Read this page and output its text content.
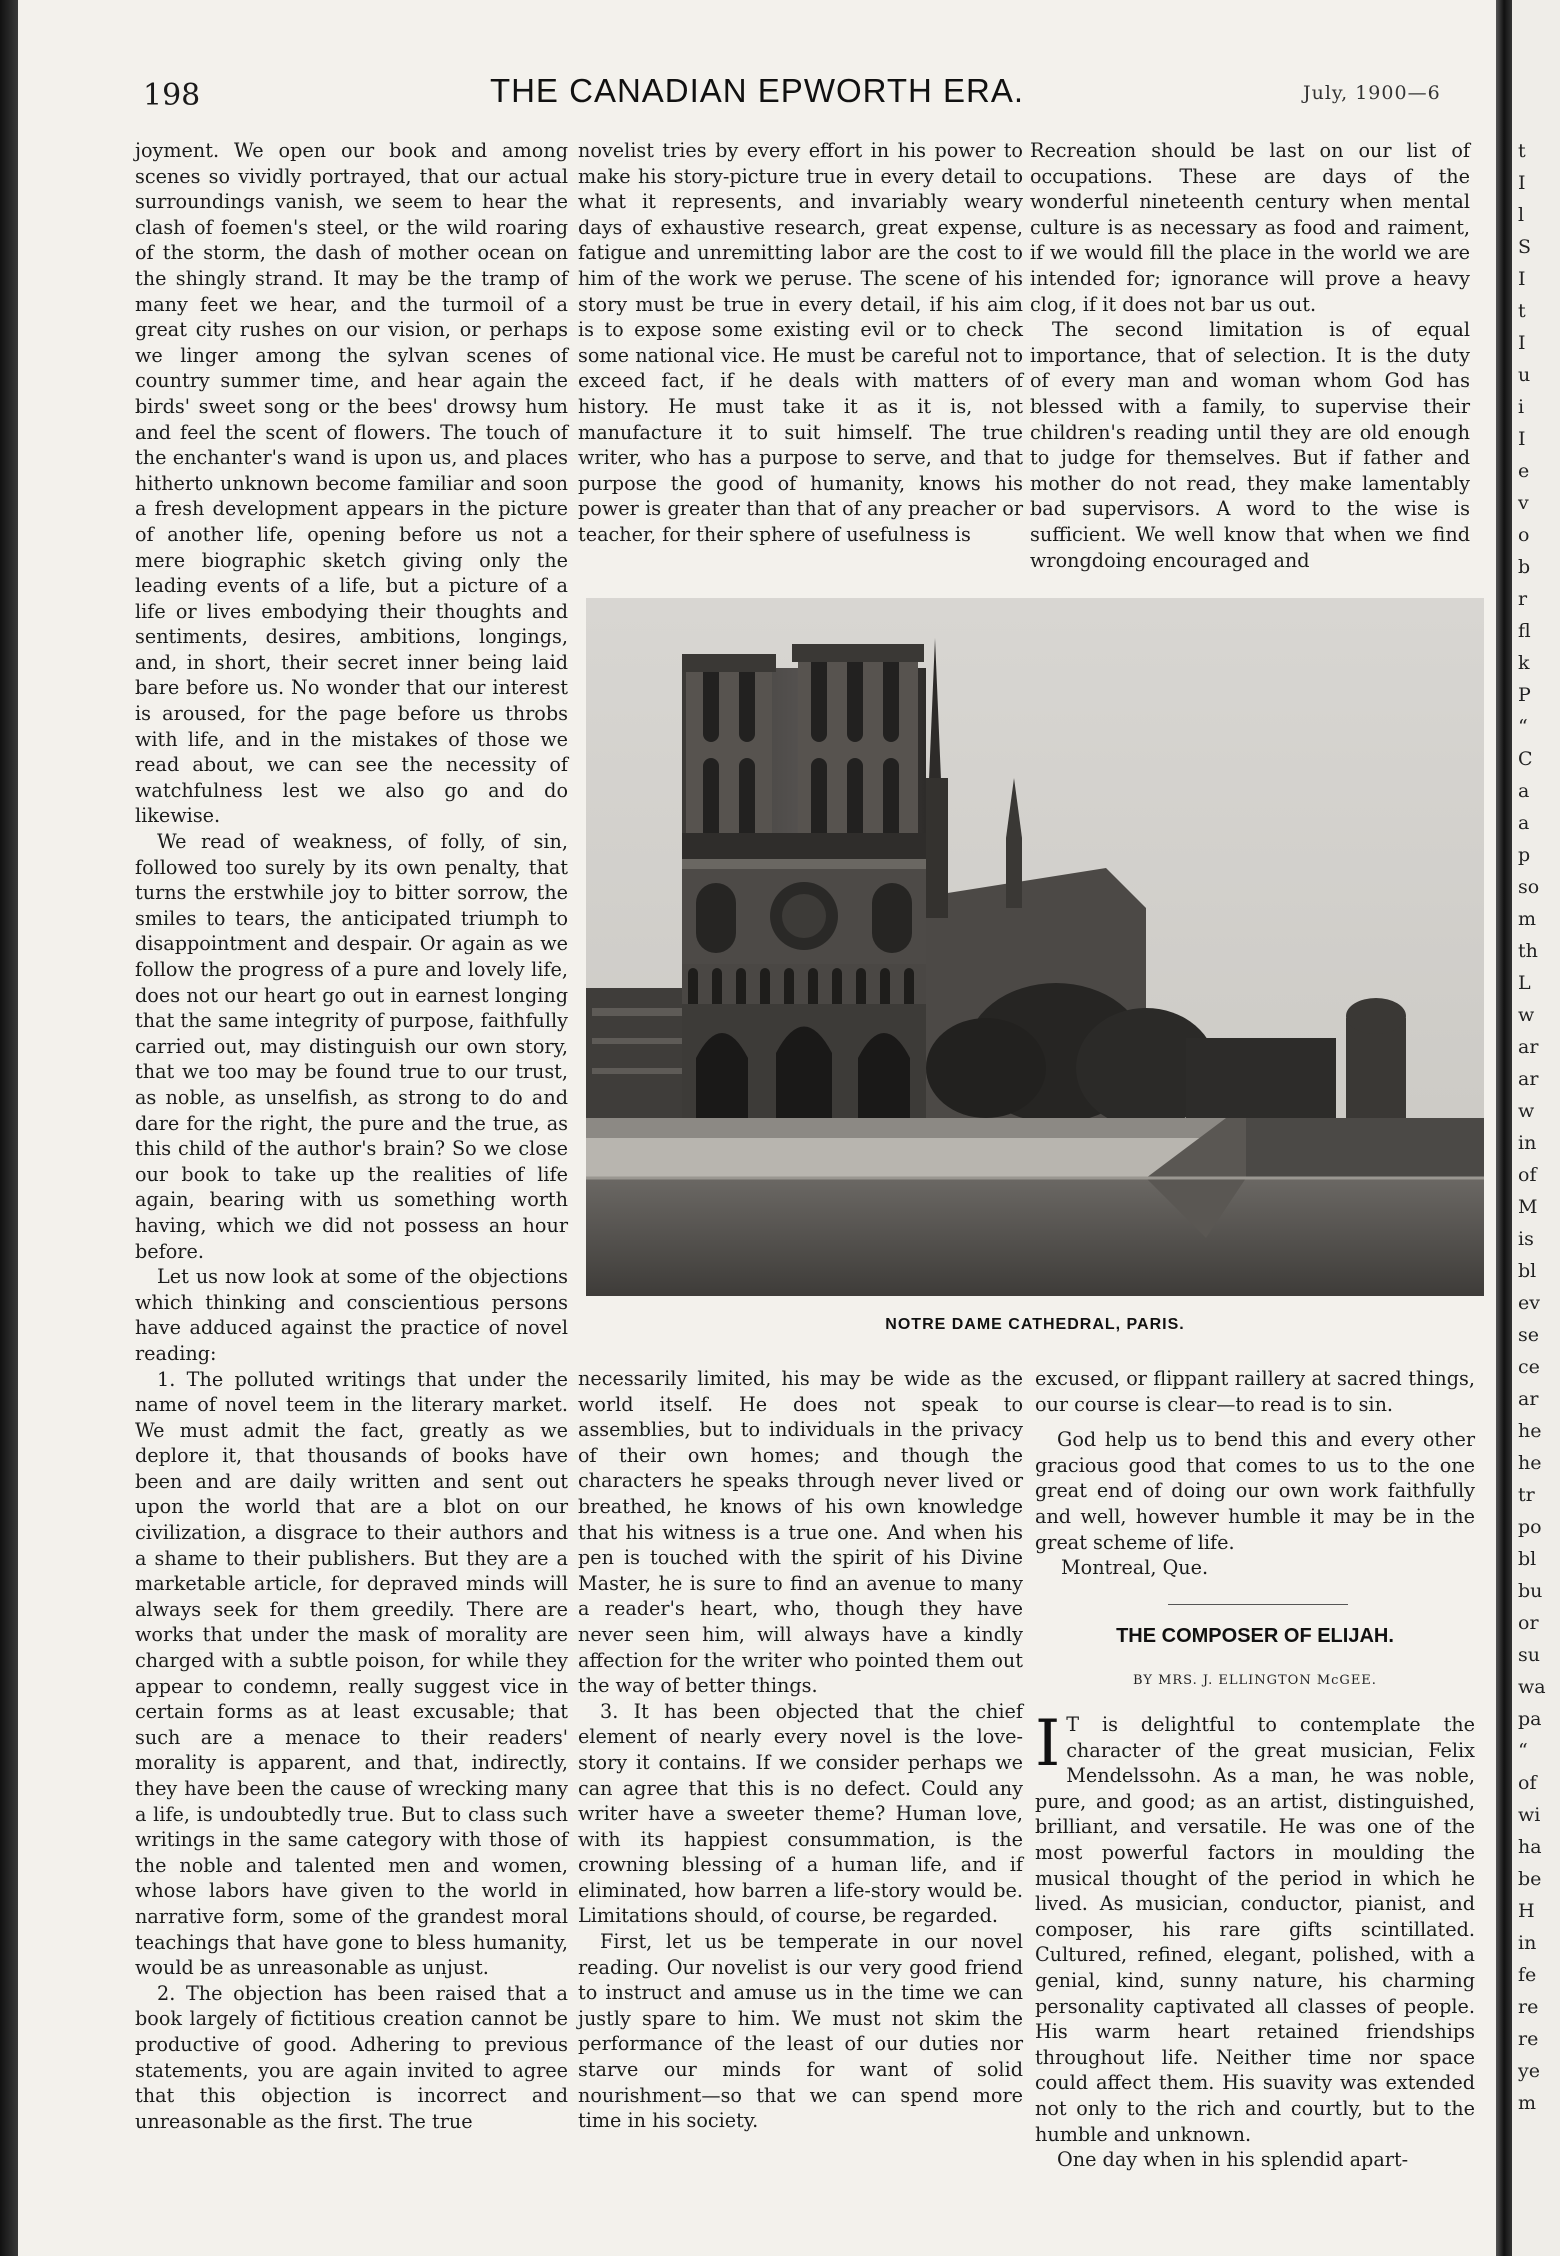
198	THE CANADIAN EPWORTH ERA.	July, 1900—6

joyment. We open our book and among scenes so vividly portrayed, that our actual surroundings vanish, we seem to hear the clash of foemen's steel, or the wild roaring of the storm, the dash of mother ocean on the shingly strand. It may be the tramp of many feet we hear, and the turmoil of a great city rushes on our vision, or perhaps we linger among the sylvan scenes of country summer time, and hear again the birds' sweet song or the bees' drowsy hum and feel the scent of flowers. The touch of the enchanter's wand is upon us, and places hitherto unknown become familiar and soon a fresh development appears in the picture of another life, opening before us not a mere biographic sketch giving only the leading events of a life, but a picture of a life or lives embodying their thoughts and sentiments, desires, ambitions, longings, and, in short, their secret inner being laid bare before us. No wonder that our interest is aroused, for the page before us throbs with life, and in the mistakes of those we read about, we can see the necessity of watchfulness lest we also go and do likewise.

We read of weakness, of folly, of sin, followed too surely by its own penalty, that turns the erstwhile joy to bitter sorrow, the smiles to tears, the anticipated triumph to disappointment and despair. Or again as we follow the progress of a pure and lovely life, does not our heart go out in earnest longing that the same integrity of purpose, faithfully carried out, may distinguish our own story, that we too may be found true to our trust, as noble, as unselfish, as strong to do and dare for the right, the pure and the true, as this child of the author's brain? So we close our book to take up the realities of life again, bearing with us something worth having, which we did not possess an hour before.

Let us now look at some of the objections which thinking and conscientious persons have adduced against the practice of novel reading:

1. The polluted writings that under the name of novel teem in the literary market. We must admit the fact, greatly as we deplore it, that thousands of books have been and are daily written and sent out upon the world that are a blot on our civilization, a disgrace to their authors and a shame to their publishers. But they are a marketable article, for depraved minds will always seek for them greedily. There are works that under the mask of morality are charged with a subtle poison, for while they appear to condemn, really suggest vice in certain forms as at least excusable; that such are a menace to their readers' morality is apparent, and that, indirectly, they have been the cause of wrecking many a life, is undoubtedly true. But to class such writings in the same category with those of the noble and talented men and women, whose labors have given to the world in narrative form, some of the grandest moral teachings that have gone to bless humanity, would be as unreasonable as unjust.

2. The objection has been raised that a book largely of fictitious creation cannot be productive of good. Adhering to previous statements, you are again invited to agree that this objection is incorrect and unreasonable as the first. The true

novelist tries by every effort in his power to make his story-picture true in every detail to what it represents, and invariably weary days of exhaustive research, great expense, fatigue and unremitting labor are the cost to him of the work we peruse. The scene of his story must be true in every detail, if his aim is to expose some existing evil or to check some national vice. He must be careful not to exceed fact, if he deals with matters of history. He must take it as it is, not manufacture it to suit himself. The true writer, who has a purpose to serve, and that purpose the good of humanity, knows his power is greater than that of any preacher or teacher, for their sphere of usefulness is

Recreation should be last on our list of occupations. These are days of the wonderful nineteenth century when mental culture is as necessary as food and raiment, if we would fill the place in the world we are intended for; ignorance will prove a heavy clog, if it does not bar us out.

The second limitation is of equal importance, that of selection. It is the duty of every man and woman whom God has blessed with a family, to supervise their children's reading until they are old enough to judge for themselves. But if father and mother do not read, they make lamentably bad supervisors. A word to the wise is sufficient. We well know that when we find wrongdoing encouraged and

NOTRE DAME CATHEDRAL, PARIS.

necessarily limited, his may be wide as the world itself. He does not speak to assemblies, but to individuals in the privacy of their own homes; and though the characters he speaks through never lived or breathed, he knows of his own knowledge that his witness is a true one. And when his pen is touched with the spirit of his Divine Master, he is sure to find an avenue to many a reader's heart, who, though they have never seen him, will always have a kindly affection for the writer who pointed them out the way of better things.

3. It has been objected that the chief element of nearly every novel is the love-story it contains. If we consider perhaps we can agree that this is no defect. Could any writer have a sweeter theme? Human love, with its happiest consummation, is the crowning blessing of a human life, and if eliminated, how barren a life-story would be. Limitations should, of course, be regarded.

First, let us be temperate in our novel reading. Our novelist is our very good friend to instruct and amuse us in the time we can justly spare to him. We must not skim the performance of the least of our duties nor starve our minds for want of solid nourishment—so that we can spend more time in his society.

excused, or flippant raillery at sacred things, our course is clear—to read is to sin.

God help us to bend this and every other gracious good that comes to us to the one great end of doing our own work faithfully and well, however humble it may be in the great scheme of life.

Montreal, Que.

THE COMPOSER OF ELIJAH.
BY MRS. J. ELLINGTON McGEE.

I T is delightful to contemplate the character of the great musician, Felix Mendelssohn. As a man, he was noble, pure, and good; as an artist, distinguished, brilliant, and versatile. He was one of the most powerful factors in moulding the musical thought of the period in which he lived. As musician, conductor, pianist, and composer, his rare gifts scintillated. Cultured, refined, elegant, polished, with a genial, kind, sunny nature, his charming personality captivated all classes of people. His warm heart retained friendships throughout life. Neither time nor space could affect them. His suavity was extended not only to the rich and courtly, but to the humble and unknown.

One day when in his splendid apart-

t
I
l
S
I
t
I
u
i
I
e
v
o
b
r
fl
k
P
“
C
a
a
p
so
m
th
L
w
ar
ar
w
in
of
M
is
bl
ev
se
ce
ar
he
he
tr
po
bl
bu
or
su
wa
pa
“
of
wi
ha
be
H
in
fe
re
re
ye
m
